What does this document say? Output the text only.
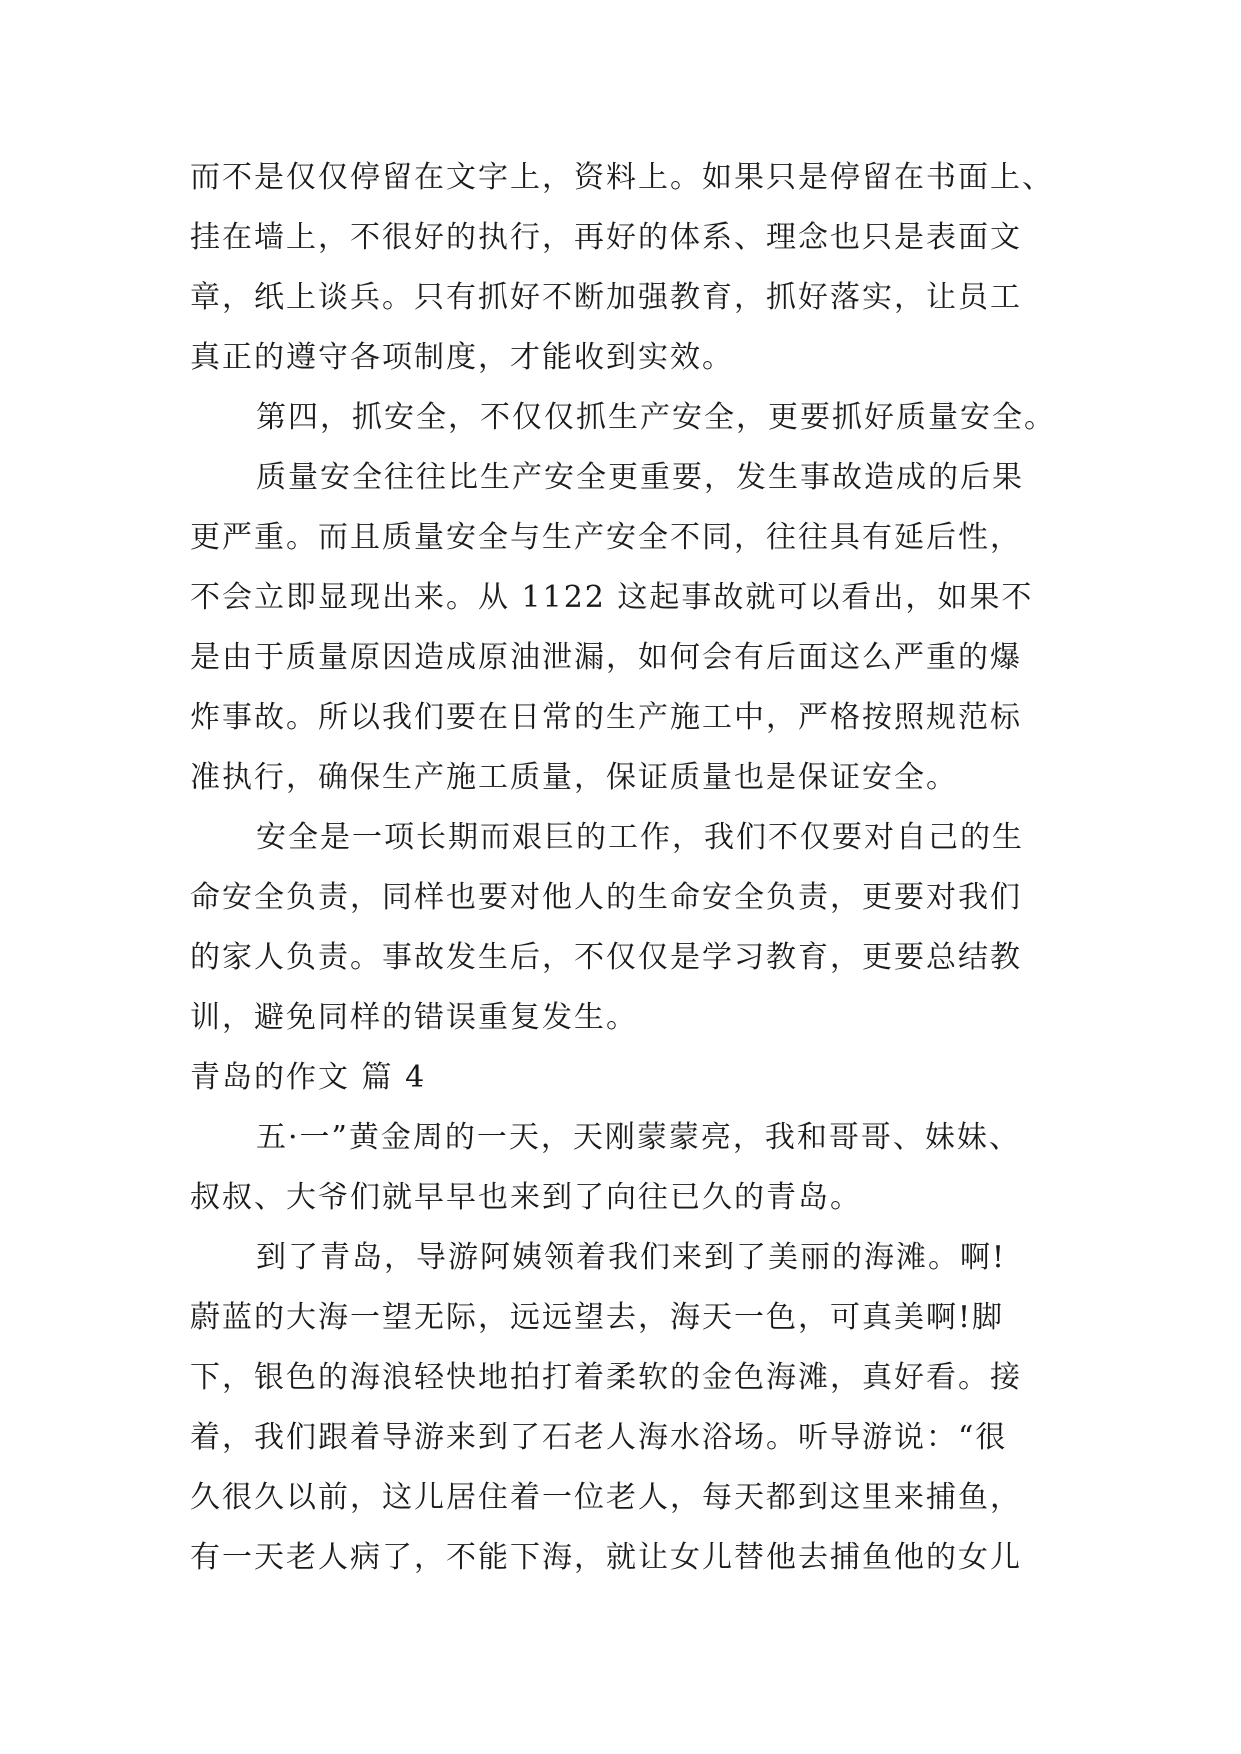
而不是仅仅停留在文字上，资料上。如果只是停留在书面上、
挂在墙上，不很好的执行，再好的体系、理念也只是表面文
章，纸上谈兵。只有抓好不断加强教育，抓好落实，让员工
真正的遵守各项制度，才能收到实效。
第四，抓安全，不仅仅抓生产安全，更要抓好质量安全。
质量安全往往比生产安全更重要，发生事故造成的后果
更严重。而且质量安全与生产安全不同，往往具有延后性，
不会立即显现出来。从 1122 这起事故就可以看出，如果不
是由于质量原因造成原油泄漏，如何会有后面这么严重的爆
炸事故。所以我们要在日常的生产施工中，严格按照规范标
准执行，确保生产施工质量，保证质量也是保证安全。
安全是一项长期而艰巨的工作，我们不仅要对自己的生
命安全负责，同样也要对他人的生命安全负责，更要对我们
的家人负责。事故发生后，不仅仅是学习教育，更要总结教
训，避免同样的错误重复发生。
青岛的作文 篇 4
五·一”黄金周的一天，天刚蒙蒙亮，我和哥哥、妹妹、
叔叔、大爷们就早早也来到了向往已久的青岛。
到了青岛，导游阿姨领着我们来到了美丽的海滩。啊!
蔚蓝的大海一望无际，远远望去，海天一色，可真美啊!脚
下，银色的海浪轻快地拍打着柔软的金色海滩，真好看。接
着，我们跟着导游来到了石老人海水浴场。听导游说：“很
久很久以前，这儿居住着一位老人，每天都到这里来捕鱼，
有一天老人病了，不能下海，就让女儿替他去捕鱼他的女儿
